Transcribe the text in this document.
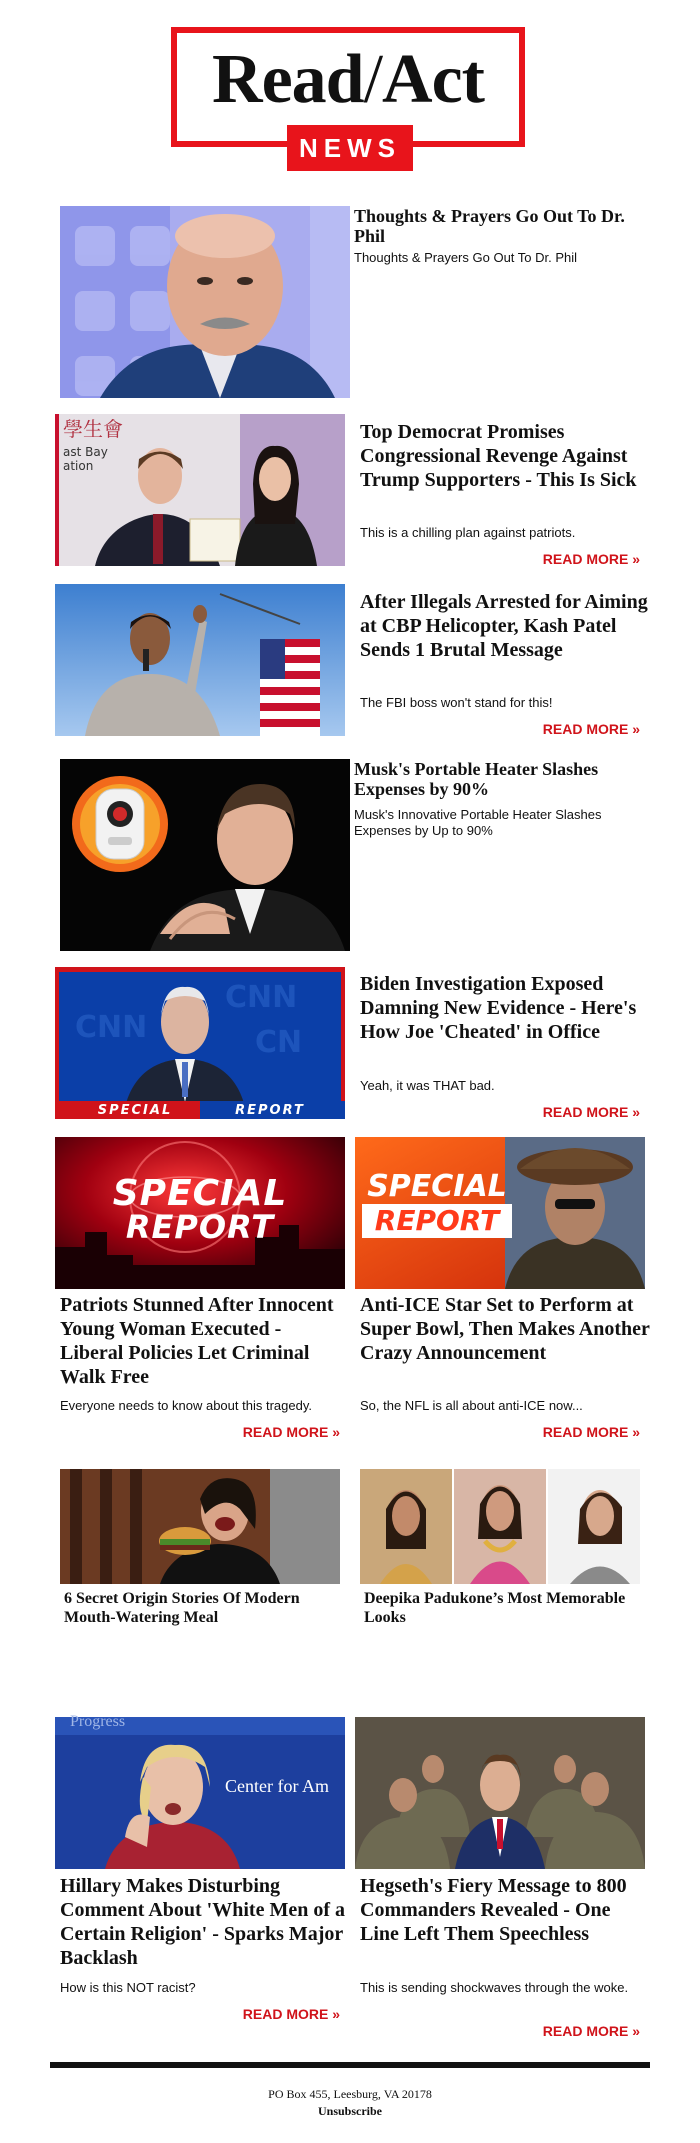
Read/Act
NEWS
Thoughts & Prayers Go Out To Dr. Phil
Thoughts & Prayers Go Out To Dr. Phil
學生會
ast Bay
ation
Top Democrat Promises Congressional Revenge Against Trump Supporters - This Is Sick
This is a chilling plan against patriots.
READ MORE »
After Illegals Arrested for Aiming at CBP Helicopter, Kash Patel Sends 1 Brutal Message
The FBI boss won't stand for this!
READ MORE »
Musk's Portable Heater Slashes Expenses by 90%
Musk's Innovative Portable Heater Slashes Expenses by Up to 90%
CNN
CN
CNN
SPECIAL	REPORT
Biden Investigation Exposed Damning New Evidence - Here's How Joe 'Cheated' in Office
Yeah, it was THAT bad.
READ MORE »
SPECIAL
REPORT
Patriots Stunned After Innocent Young Woman Executed - Liberal Policies Let Criminal Walk Free
Everyone needs to know about this tragedy.
READ MORE »
SPECIAL
REPORT
Anti-ICE Star Set to Perform at Super Bowl, Then Makes Another Crazy Announcement
So, the NFL is all about anti-ICE now...
READ MORE »
6 Secret Origin Stories Of Modern Mouth-Watering Meal
Deepika Padukone’s Most Memorable Looks
Progress
Center for Am
Hillary Makes Disturbing Comment About 'White Men of a Certain Religion' - Sparks Major Backlash
How is this NOT racist?
READ MORE »
Hegseth's Fiery Message to 800 Commanders Revealed - One Line Left Them Speechless
This is sending shockwaves through the woke.
READ MORE »
PO Box 455, Leesburg, VA 20178
Unsubscribe
